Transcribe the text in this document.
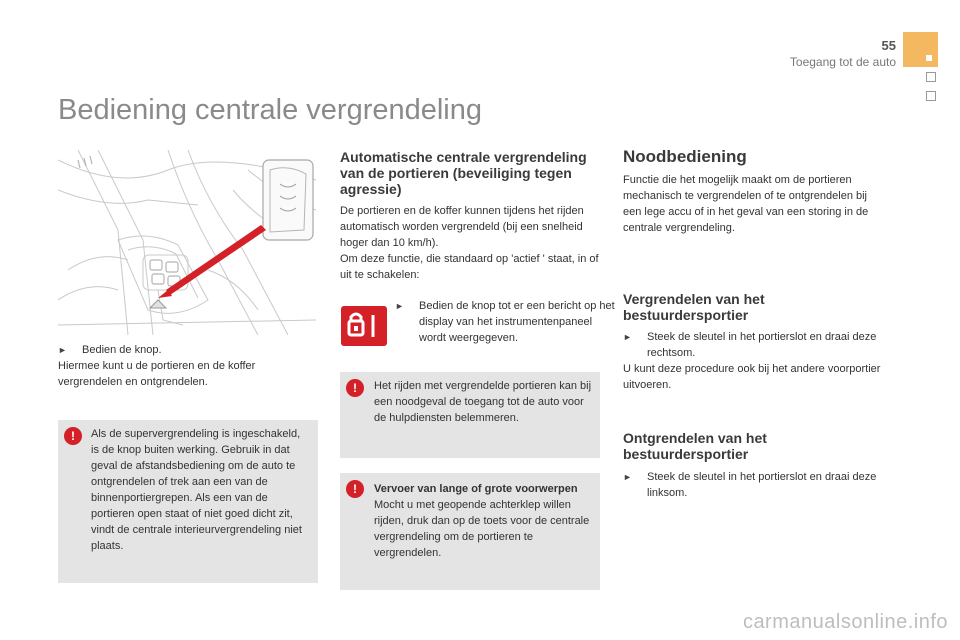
55
Toegang tot de auto
Bediening centrale vergrendeling

► Bedien de knop.

Hiermee kunt u de portieren en de koffer vergrendelen en ontgrendelen.

!	Als de supervergrendeling is ingeschakeld, is de knop buiten werking. Gebruik in dat geval de afstandsbediening om de auto te ontgrendelen of trek aan een van de binnenportiergrepen. Als een van de portieren open staat of niet goed dicht zit, vindt de centrale interieurvergrendeling niet plaats.

Automatische centrale vergrendeling van de portieren (beveiliging tegen agressie)

De portieren en de koffer kunnen tijdens het rijden automatisch worden vergrendeld (bij een snelheid hoger dan 10 km/h).

Om deze functie, die standaard op 'actief ' staat, in of uit te schakelen:

► Bedien de knop tot er een bericht op het display van het instrumentenpaneel wordt weergegeven.

!	Het rijden met vergrendelde portieren kan bij een noodgeval de toegang tot de auto voor de hulpdiensten belemmeren.

!	Vervoer van lange of grote voorwerpen
Mocht u met geopende achterklep willen rijden, druk dan op de toets voor de centrale vergrendeling om de portieren te vergrendelen.
Noodbediening

Functie die het mogelijk maakt om de portieren mechanisch te vergrendelen of te ontgrendelen bij een lege accu of in het geval van een storing in de centrale vergrendeling.

Vergrendelen van het bestuurdersportier

► Steek de sleutel in het portierslot en draai deze rechtsom.

U kunt deze procedure ook bij het andere voorportier uitvoeren.

Ontgrendelen van het bestuurdersportier

► Steek de sleutel in het portierslot en draai deze linksom.

carmanualsonline.info
